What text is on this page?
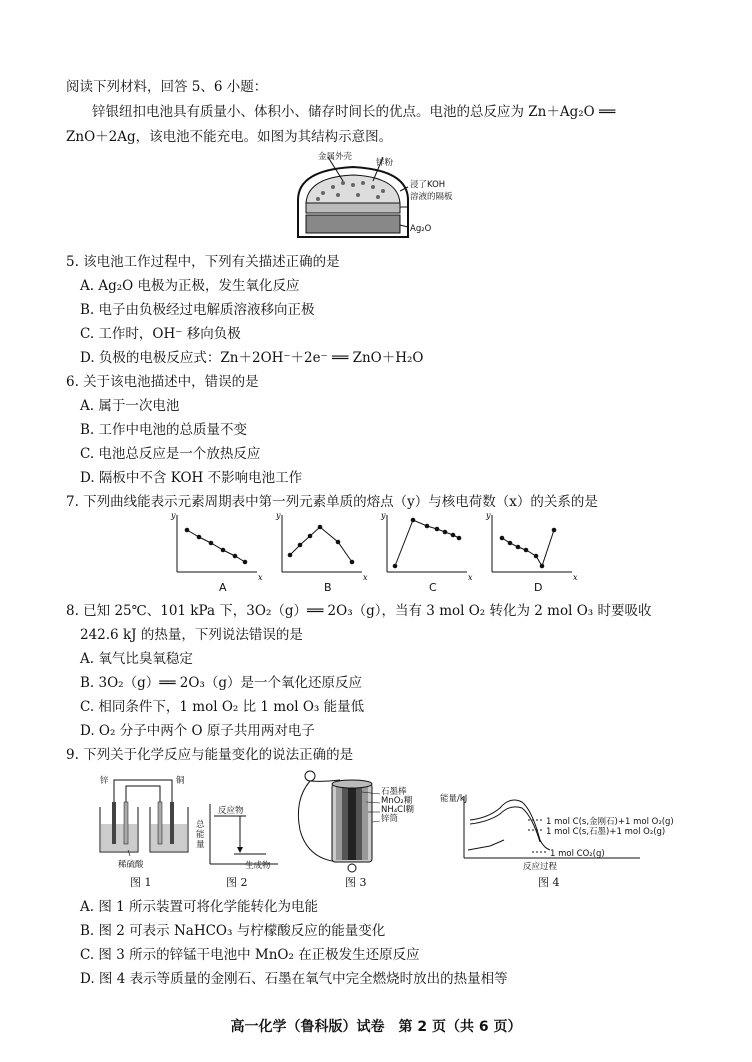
阅读下列材料，回答 5、6 小题：
锌银纽扣电池具有质量小、体积小、储存时间长的优点。电池的总反应为 Zn＋Ag₂O ══
ZnO＋2Ag，该电池不能充电。如图为其结构示意图。
金属外壳
锌粉
浸了KOH
溶液的隔板
Ag₂O
5. 该电池工作过程中，下列有关描述正确的是
A. Ag₂O 电极为正极，发生氧化反应
B. 电子由负极经过电解质溶液移向正极
C. 工作时，OH⁻ 移向负极
D. 负极的电极反应式：Zn＋2OH⁻＋2e⁻ ══ ZnO＋H₂O
6. 关于该电池描述中，错误的是
A. 属于一次电池
B. 工作中电池的总质量不变
C. 电池总反应是一个放热反应
D. 隔板中不含 KOH 不影响电池工作
7. 下列曲线能表示元素周期表中第一列元素单质的熔点（y）与核电荷数（x）的关系的是
y
x
y
x
y
x
y
x
A	B	C	D
8. 已知 25℃、101 kPa 下，3O₂（g）══ 2O₃（g），当有 3 mol O₂ 转化为 2 mol O₃ 时要吸收
242.6 kJ 的热量，下列说法错误的是
A. 氧气比臭氧稳定
B. 3O₂（g）══ 2O₃（g）是一个氧化还原反应
C. 相同条件下，1 mol O₂ 比 1 mol O₃ 能量低
D. O₂ 分子中两个 O 原子共用两对电子
9. 下列关于化学反应与能量变化的说法正确的是
锌	铜
稀硫酸
图 1
总能量
反应物
生成物
图 2
石墨棒
MnO₂糊
NH₄Cl糊
锌筒
图 3
能量/kJ
1 mol C(s,金刚石)+1 mol O₂(g)
1 mol C(s,石墨)+1 mol O₂(g)
1 mol CO₂(g)
反应过程
图 4
A. 图 1 所示装置可将化学能转化为电能
B. 图 2 可表示 NaHCO₃ 与柠檬酸反应的能量变化
C. 图 3 所示的锌锰干电池中 MnO₂ 在正极发生还原反应
D. 图 4 表示等质量的金刚石、石墨在氧气中完全燃烧时放出的热量相等
高一化学（鲁科版）试卷　第 2 页（共 6 页）
